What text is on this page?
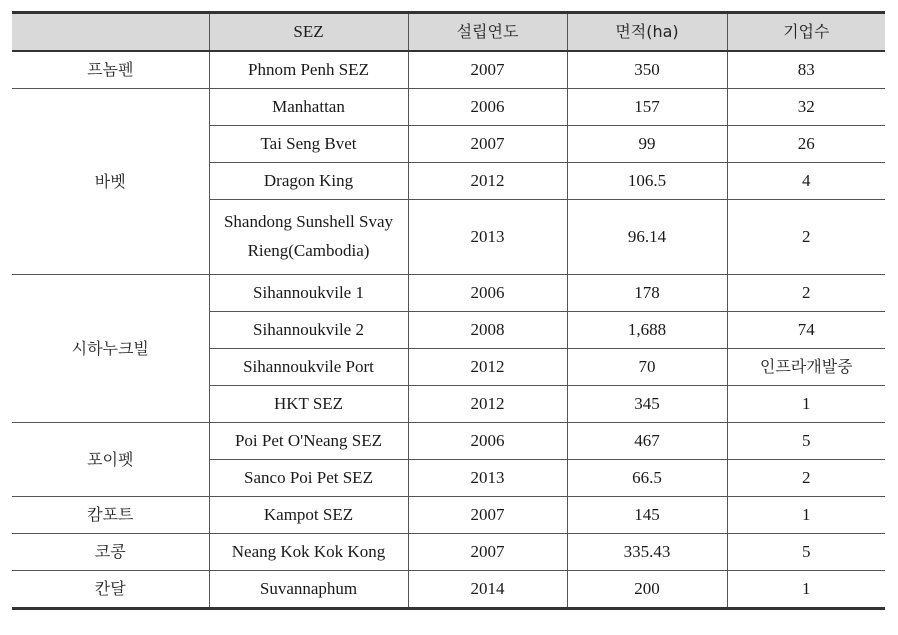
	SEZ	설립연도	면적(ha)	기업수
프놈펜	Phnom Penh SEZ	2007	350	83
바벳	Manhattan	2006	157	32
	Tai Seng Bvet	2007	99	26
	Dragon King	2012	106.5	4
	Shandong Sunshell Svay Rieng(Cambodia)	2013	96.14	2
시하누크빌	Sihannoukvile 1	2006	178	2
	Sihannoukvile 2	2008	1,688	74
	Sihannoukvile Port	2012	70	인프라개발중
	HKT SEZ	2012	345	1
포이펫	Poi Pet O'Neang SEZ	2006	467	5
	Sanco Poi Pet SEZ	2013	66.5	2
캄포트	Kampot SEZ	2007	145	1
코콩	Neang Kok Kok Kong	2007	335.43	5
칸달	Suvannaphum	2014	200	1
